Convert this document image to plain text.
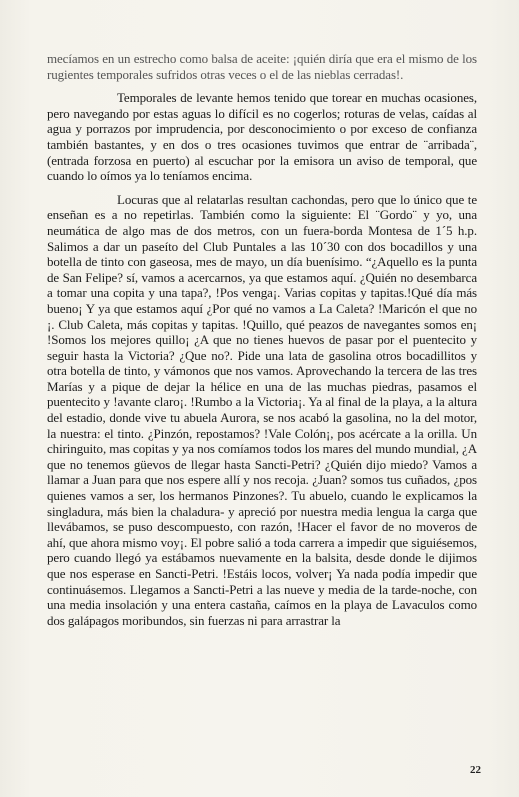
mecíamos en un estrecho como balsa de aceite: ¡quién diría que era el mismo de los rugientes temporales sufridos otras veces o el de las nieblas cerradas!.

Temporales de levante hemos tenido que torear en muchas ocasiones, pero navegando por estas aguas lo difícil es no cogerlos; roturas de velas, caídas al agua y porrazos por imprudencia, por desconocimiento o por exceso de confianza también bastantes, y en dos o tres ocasiones tuvimos que entrar de ¨arribada¨, (entrada forzosa en puerto) al escuchar por la emisora un aviso de temporal, que cuando lo oímos ya lo teníamos encima.

Locuras que al relatarlas resultan cachondas, pero que lo único que te enseñan es a no repetirlas. También como la siguiente: El ¨Gordo¨ y yo, una neumática de algo mas de dos metros, con un fuera-borda Montesa de 1´5 h.p. Salimos a dar un paseíto del Club Puntales a las 10´30 con dos bocadillos y una botella de tinto con gaseosa, mes de mayo, un día buenísimo. “¿Aquello es la punta de San Felipe? sí, vamos a acercarnos, ya que estamos aquí. ¿Quién no desembarca a tomar una copita y una tapa?, !Pos venga¡. Varias copitas y tapitas.!Qué día más bueno¡ Y ya que estamos aquí ¿Por qué no vamos a La Caleta? !Maricón el que no ¡. Club Caleta, más copitas y tapitas. !Quillo, qué peazos de navegantes somos en¡ !Somos los mejores quillo¡ ¿A que no tienes huevos de pasar por el puentecito y seguir hasta la Victoria? ¿Que no?. Pide una lata de gasolina otros bocadillitos y otra botella de tinto, y vámonos que nos vamos. Aprovechando la tercera de las tres Marías y a pique de dejar la hélice en una de las muchas piedras, pasamos el puentecito y !avante claro¡. !Rumbo a la Victoria¡. Ya al final de la playa, a la altura del estadio, donde vive tu abuela Aurora, se nos acabó la gasolina, no la del motor, la nuestra: el tinto. ¿Pinzón, repostamos? !Vale Colón¡, pos acércate a la orilla. Un chiringuito, mas copitas y ya nos comíamos todos los mares del mundo mundial, ¿A que no tenemos güevos de llegar hasta Sancti-Petri? ¿Quién dijo miedo? Vamos a llamar a Juan para que nos espere allí y nos recoja. ¿Juan? somos tus cuñados, ¿pos quienes vamos a ser, los hermanos Pinzones?. Tu abuelo, cuando le explicamos la singladura, más bien la chaladura- y apreció por nuestra media lengua la carga que llevábamos, se puso descompuesto, con razón, !Hacer el favor de no moveros de ahí, que ahora mismo voy¡. El pobre salió a toda carrera a impedir que siguiésemos, pero cuando llegó ya estábamos nuevamente en la balsita, desde donde le dijimos que nos esperase en Sancti-Petri. !Estáis locos, volver¡ Ya nada podía impedir que continuásemos. Llegamos a Sancti-Petri a las nueve y media de la tarde-noche, con una media insolación y una entera castaña, caímos en la playa de Lavaculos como dos galápagos moribundos, sin fuerzas ni para arrastrar la

22
